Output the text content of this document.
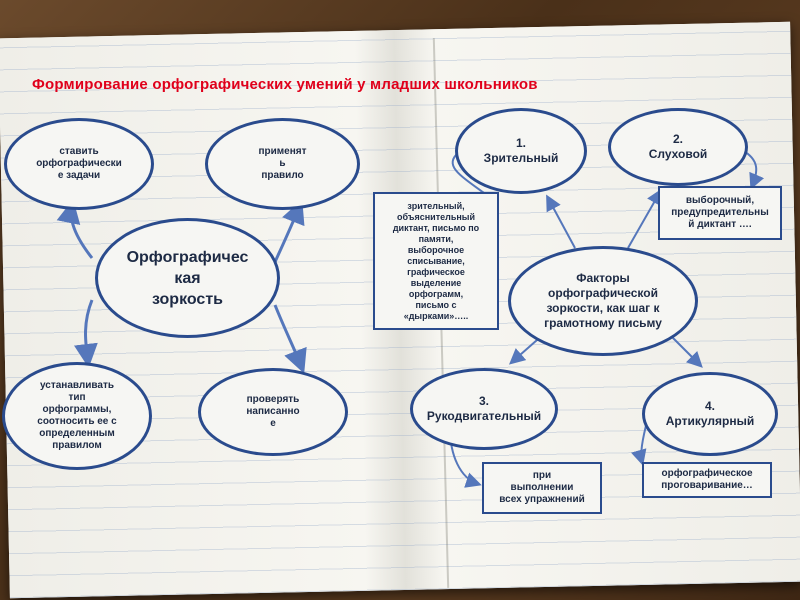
Формирование орфографических умений у младших школьников
Орфографичес
кая
зоркость
ставить
орфографически
е задачи
применят
ь
правило
устанавливать
тип
орфограммы,
соотносить ее с
определенным
правилом
проверять
написанно
е
Факторы
орфографической
зоркости, как шаг к
грамотному письму
1.
Зрительный
2.
Слуховой
3.
Рукодвигательный
4.
Артикулярный
зрительный,
объяснительный
диктант, письмо по
памяти,
выборочное
списывание,
графическое
выделение
орфограмм,
письмо с
«дырками»…..
выборочный,
предупредительны
й диктант ….
при
выполнении
всех упражнений
орфографическое
проговаривание…
